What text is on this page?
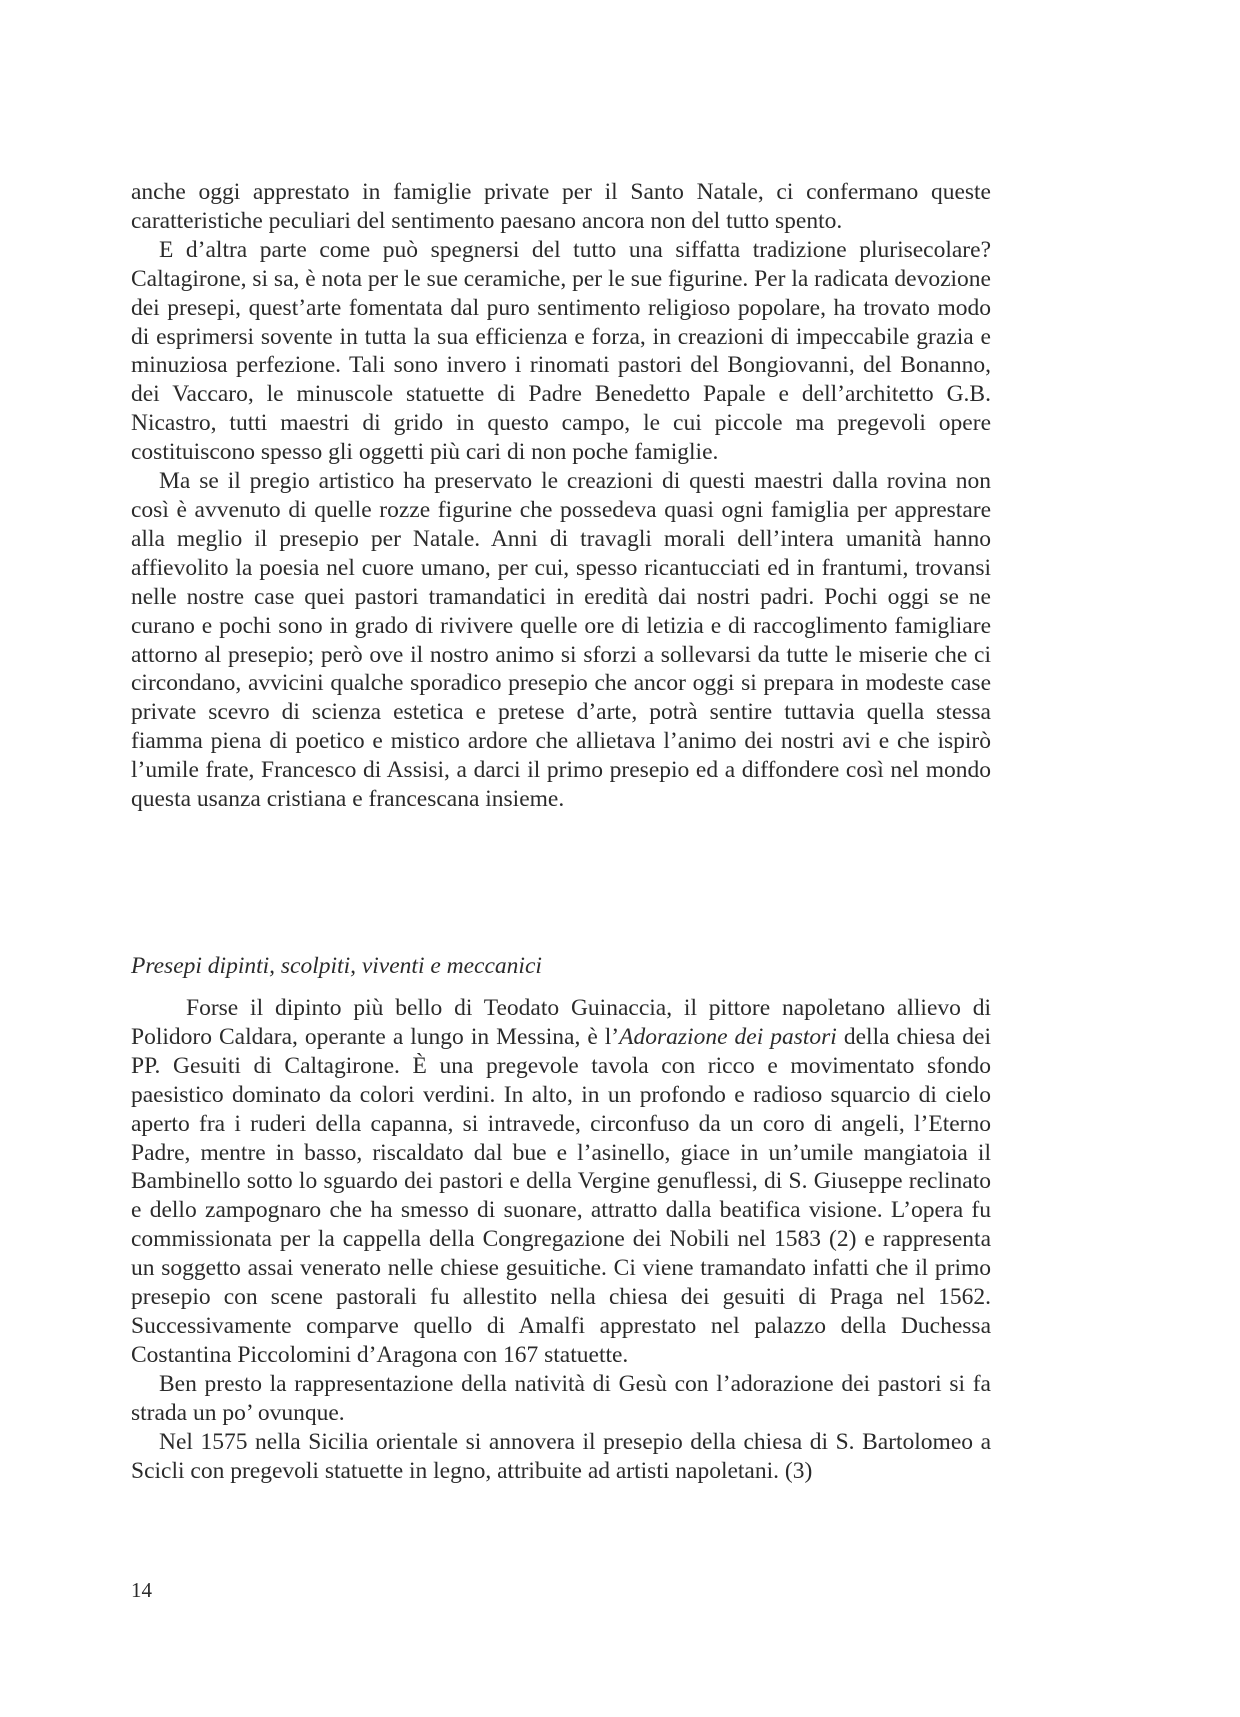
anche oggi apprestato in famiglie private per il Santo Natale, ci confermano queste caratteristiche peculiari del sentimento paesano ancora non del tutto spento.

E d’altra parte come può spegnersi del tutto una siffatta tradizione plurisecolare? Caltagirone, si sa, è nota per le sue ceramiche, per le sue figurine. Per la radicata devozione dei presepi, quest’arte fomentata dal puro sentimento religioso popolare, ha trovato modo di esprimersi sovente in tutta la sua efficienza e forza, in creazioni di impeccabile grazia e minuziosa perfezione. Tali sono invero i rinomati pastori del Bongiovanni, del Bonanno, dei Vaccaro, le minuscole statuette di Padre Benedetto Papale e dell’architetto G.B. Nicastro, tutti maestri di grido in questo campo, le cui piccole ma pregevoli opere costituiscono spesso gli oggetti più cari di non poche famiglie.

Ma se il pregio artistico ha preservato le creazioni di questi maestri dalla rovina non così è avvenuto di quelle rozze figurine che possedeva quasi ogni famiglia per apprestare alla meglio il presepio per Natale. Anni di travagli morali dell’intera umanità hanno affievolito la poesia nel cuore umano, per cui, spesso ricantucciati ed in frantumi, trovansi nelle nostre case quei pastori tramandatici in eredità dai nostri padri. Pochi oggi se ne curano e pochi sono in grado di rivivere quelle ore di letizia e di raccoglimento famigliare attorno al presepio; però ove il nostro animo si sforzi a sollevarsi da tutte le miserie che ci circondano, avvicini qualche sporadico presepio che ancor oggi si prepara in modeste case private scevro di scienza estetica e pretese d’arte, potrà sentire tuttavia quella stessa fiamma piena di poetico e mistico ardore che allietava l’animo dei nostri avi e che ispirò l’umile frate, Francesco di Assisi, a darci il primo presepio ed a diffondere così nel mondo questa usanza cristiana e francescana insieme.

Presepi dipinti, scolpiti, viventi e meccanici

Forse il dipinto più bello di Teodato Guinaccia, il pittore napoletano allievo di Polidoro Caldara, operante a lungo in Messina, è l’Adorazione dei pastori della chiesa dei PP. Gesuiti di Caltagirone. È una pregevole tavola con ricco e movimentato sfondo paesistico dominato da colori verdini. In alto, in un profondo e radioso squarcio di cielo aperto fra i ruderi della capanna, si intravede, circonfuso da un coro di angeli, l’Eterno Padre, mentre in basso, riscaldato dal bue e l’asinello, giace in un’umile mangiatoia il Bambinello sotto lo sguardo dei pastori e della Vergine genuflessi, di S. Giuseppe reclinato e dello zampognaro che ha smesso di suonare, attratto dalla beatifica visione. L’opera fu commissionata per la cappella della Congregazione dei Nobili nel 1583 (2) e rappresenta un soggetto assai venerato nelle chiese gesuitiche. Ci viene tramandato infatti che il primo presepio con scene pastorali fu allestito nella chiesa dei gesuiti di Praga nel 1562. Successivamente comparve quello di Amalfi apprestato nel palazzo della Duchessa Costantina Piccolomini d’Aragona con 167 statuette.

Ben presto la rappresentazione della natività di Gesù con l’adorazione dei pastori si fa strada un po’ ovunque.

Nel 1575 nella Sicilia orientale si annovera il presepio della chiesa di S. Bartolomeo a Scicli con pregevoli statuette in legno, attribuite ad artisti napoletani. (3)

14
